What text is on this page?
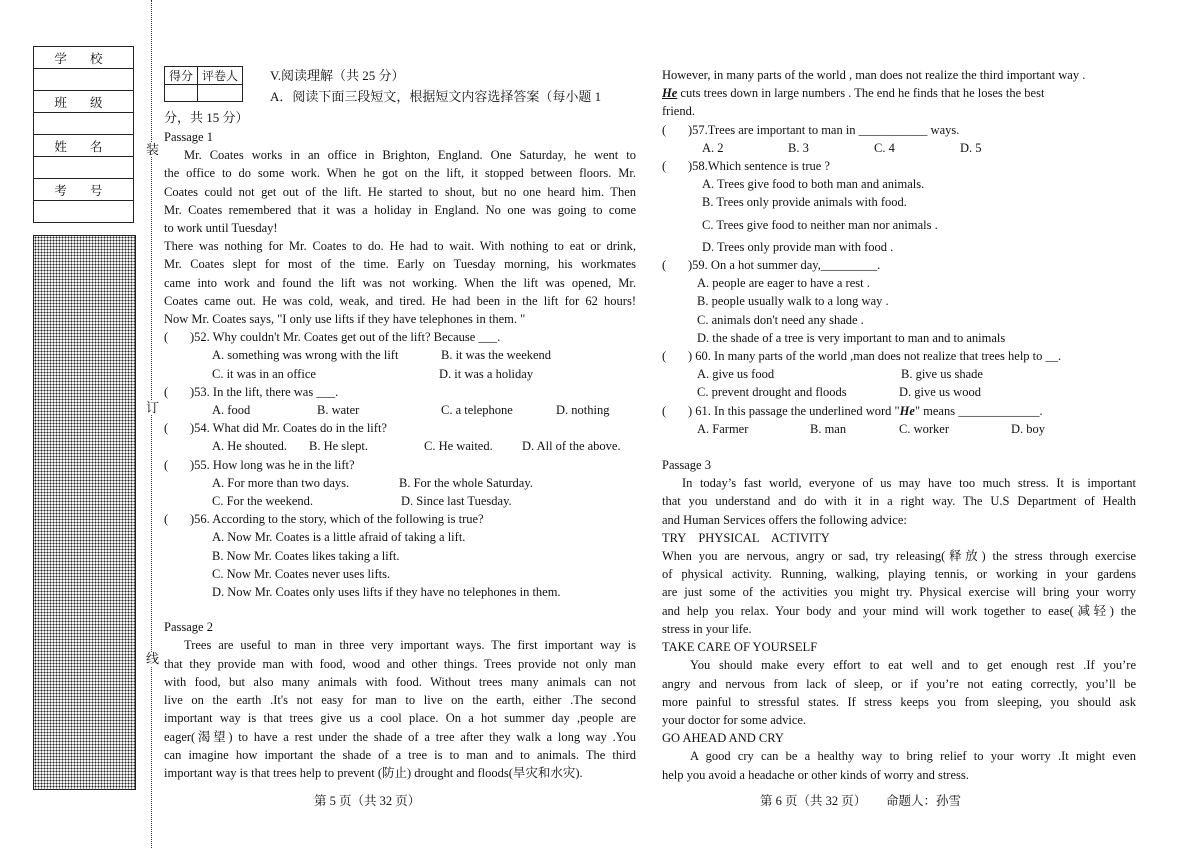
学 校

班 级

姓 名

考 号

装
订
线
得分	评卷人
	V.阅读理解（共 25 分）
A．阅读下面三段短文，根据短文内容选择答案（每小题 1
分，共 15 分）

Passage 1

Mr. Coates works in an office in Brighton, England. One Saturday, he went to

the office to do some work. When he got on the lift, it stopped between floors. Mr.

Coates could not get out of the lift. He started to shout, but no one heard him. Then

Mr. Coates remembered that it was a holiday in England. No one was going to come

to work until Tuesday!

There was nothing for Mr. Coates to do. He had to wait. With nothing to eat or drink,

Mr. Coates slept for most of the time. Early on Tuesday morning, his workmates

came into work and found the lift was not working. When the lift was opened, Mr.

Coates came out. He was cold, weak, and tired. He had been in the lift for 62 hours!

Now Mr. Coates says, "I only use lifts if they have telephones in them. "

(	)52. Why couldn't Mr. Coates get out of the lift? Because ___.

A. something was wrong with the lift	B. it was the weekend

C. it was in an office	D. it was a holiday

(	)53. In the lift, there was ___.

A. food	B. water	C. a telephone	D. nothing

(	)54. What did Mr. Coates do in the lift?

A. He shouted.	B. He slept.	C. He waited.	D. All of the above.

(	)55. How long was he in the lift?

A. For more than two days.	B. For the whole Saturday.

C. For the weekend.	D. Since last Tuesday.

(	)56. According to the story, which of the following is true?

A. Now Mr. Coates is a little afraid of taking a lift.

B. Now Mr. Coates likes taking a lift.

C. Now Mr. Coates never uses lifts.

D. Now Mr. Coates only uses lifts if they have no telephones in them.

Passage 2

Trees are useful to man in three very important ways. The first important way is

that they provide man with food, wood and other things. Trees provide not only man

with food, but also many animals with food. Without trees many animals can not

live on the earth .It's not easy for man to live on the earth, either .The second

important way is that trees give us a cool place. On a hot summer day ,people are

eager(渴望) to have a rest under the shade of a tree after they walk a long way .You

can imagine how important the shade of a tree is to man and to animals. The third

important way is that trees help to prevent (防止) drought and floods(旱灾和水灾).

However, in many parts of the world , man does not realize the third important way .

He cuts trees down in large numbers . The end he finds that he loses the best

friend.

(	)57.Trees are important to man in ___________ ways.

A. 2	B. 3	C. 4	D. 5

(	)58.Which sentence is true ?

A. Trees give food to both man and animals.

B. Trees only provide animals with food.

C. Trees give food to neither man nor animals .

D. Trees only provide man with food .

(	)59. On a hot summer day,_________.

A. people are eager to have a rest .

B. people usually walk to a long way .

C. animals don't need any shade .

D. the shade of a tree is very important to man and to animals

(	) 60. In many parts of the world ,man does not realize that trees help to __.

A. give us food	B. give us shade

C. prevent drought and floods	D. give us wood

(	) 61. In this passage the underlined word " He " means _____________.

A. Farmer	B. man	C. worker	D. boy

Passage 3

In today’s fast world, everyone of us may have too much stress. It is important

that you understand and do with it in a right way. The U.S Department of Health

and Human Services offers the following advice:

TRY    PHYSICAL    ACTIVITY

When you are nervous, angry or sad, try releasing(释放) the stress through exercise

of physical activity. Running, walking, playing tennis, or working in your gardens

are just some of the activities you might try. Physical exercise will bring your worry

and help you relax. Your body and your mind will work together to ease(减轻) the

stress in your life.

TAKE CARE OF YOURSELF

You should make every effort to eat well and to get enough rest .If you’re

angry and nervous from lack of sleep, or if you’re not eating correctly, you’ll be

more painful to stressful states. If stress keeps you from sleeping, you should ask

your doctor for some advice.

GO AHEAD AND CRY

A good cry can be a healthy way to bring relief to your worry .It might even

help you avoid a headache or other kinds of worry and stress.

第 5 页（共 32 页）	第 6 页（共 32 页） 命题人：孙雪
